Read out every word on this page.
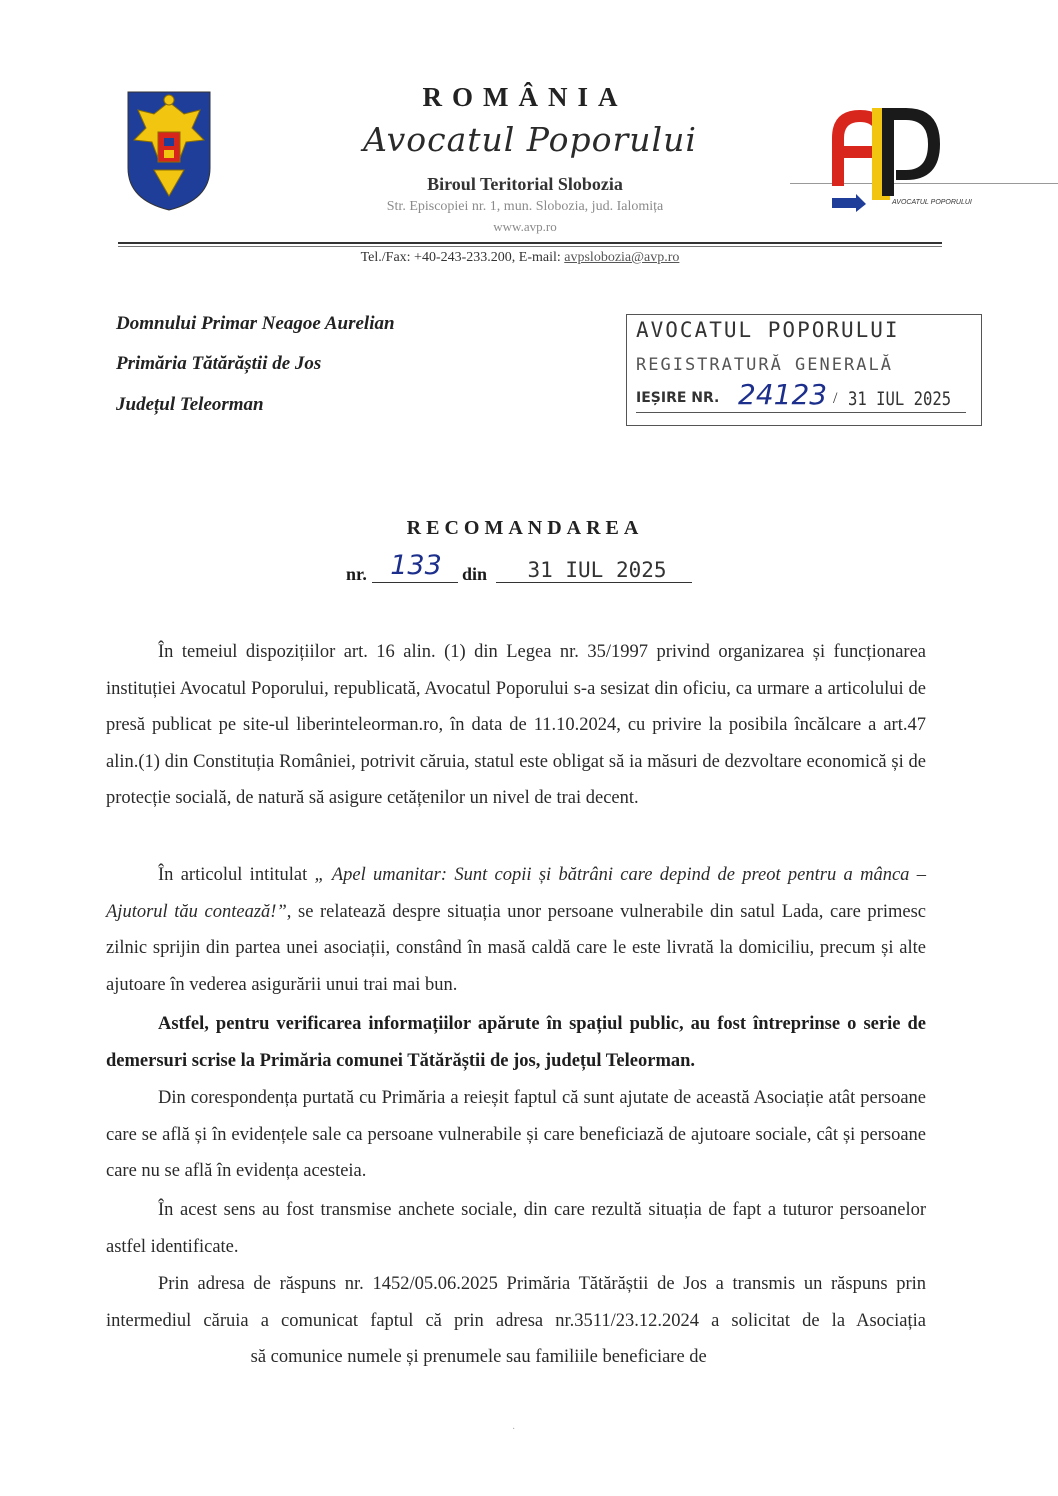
ROMÂNIA
Avocatul Poporului
Biroul Teritorial Slobozia
Str. Episcopiei nr. 1, mun. Slobozia, jud. Ialomița
www.avp.ro
Tel./Fax: +40-243-233.200, E-mail: avpslobozia@avp.ro
AVOCATUL POPORULUI
Domnului Primar Neagoe Aurelian
Primăria Tătărăștii de Jos
Județul Teleorman
AVOCATUL POPORULUI
REGISTRATURĂ GENERALĂ
IEȘIRE NR. 24123 / 31 IUL 2025
RECOMANDAREA
nr. 133	din	31 IUL 2025

În temeiul dispozițiilor art. 16 alin. (1) din Legea nr. 35/1997 privind organizarea și funcționarea instituției Avocatul Poporului, republicată, Avocatul Poporului s-a sesizat din oficiu, ca urmare a articolului de presă publicat pe site-ul liberinteleorman.ro, în data de 11.10.2024, cu privire la posibila încălcare a art.47 alin.(1) din Constituția României, potrivit căruia, statul este obligat să ia măsuri de dezvoltare economică și de protecție socială, de natură să asigure cetățenilor un nivel de trai decent.

În articolul intitulat „ Apel umanitar: Sunt copii și bătrâni care depind de preot pentru a mânca – Ajutorul tău contează!”, se relatează despre situația unor persoane vulnerabile din satul Lada, care primesc zilnic sprijin din partea unei asociații, constând în masă caldă care le este livrată la domiciliu, precum și alte ajutoare în vederea asigurării unui trai mai bun.

Astfel, pentru verificarea informațiilor apărute în spațiul public, au fost întreprinse o serie de demersuri scrise la Primăria comunei Tătărăștii de jos, județul Teleorman.

Din corespondența purtată cu Primăria a reieșit faptul că sunt ajutate de această Asociație atât persoane care se află și în evidențele sale ca persoane vulnerabile și care beneficiază de ajutoare sociale, cât și persoane care nu se află în evidența acesteia.

În acest sens au fost transmise anchete sociale, din care rezultă situația de fapt a tuturor persoanelor astfel identificate.

Prin adresa de răspuns nr. 1452/05.06.2025 Primăria Tătărăștii de Jos a transmis un răspuns prin intermediul căruia a comunicat faptul că prin adresa nr.3511/23.12.2024 a solicitat de la Asociația  să comunice numele și prenumele sau familiile beneficiare de

·
